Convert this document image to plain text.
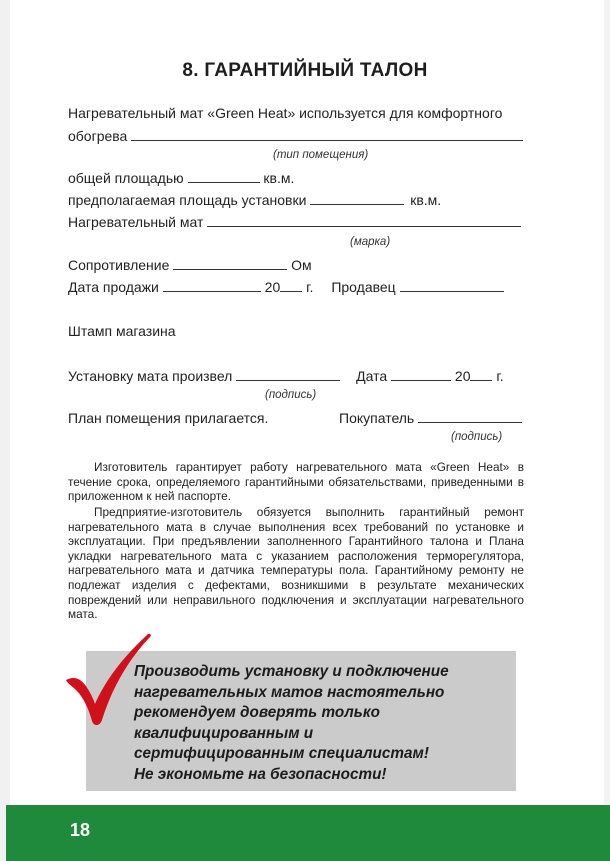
8. ГАРАНТИЙНЫЙ ТАЛОН
Нагревательный мат «Green Heat» используется для комфортного
обогрева
(тип помещения)
общей площадью	кв.м.
предполагаемая площадь установки	кв.м.
Нагревательный мат
(марка)
Сопротивление	Ом
Дата продажи	20 г. Продавец
Штамп магазина
Установку мата произвел	Дата	20 г.
(подпись)
План помещения прилагается.	Покупатель
(подпись)

Изготовитель гарантирует работу нагревательного мата «Green Heat» в течение срока, определяемого гарантийными обязательствами, приведенными в приложенном к ней паспорте.

Предприятие-изготовитель обязуется выполнить гарантийный ремонт нагревательного мата в случае выполнения всех требований по установке и эксплуатации. При предъявлении заполненного Гарантийного талона и Плана укладки нагревательного мата с указанием расположения терморегулятора, нагревательного мата и датчика температуры пола. Гарантийному ремонту не подлежат изделия с дефектами, возникшими в результате механических повреждений или неправильного подключения и эксплуатации нагревательного мата.

Производить установку и подключение
нагревательных матов настоятельно
рекомендуем доверять только
квалифицированным и
сертифицированным специалистам!
Не экономьте на безопасности!
18
